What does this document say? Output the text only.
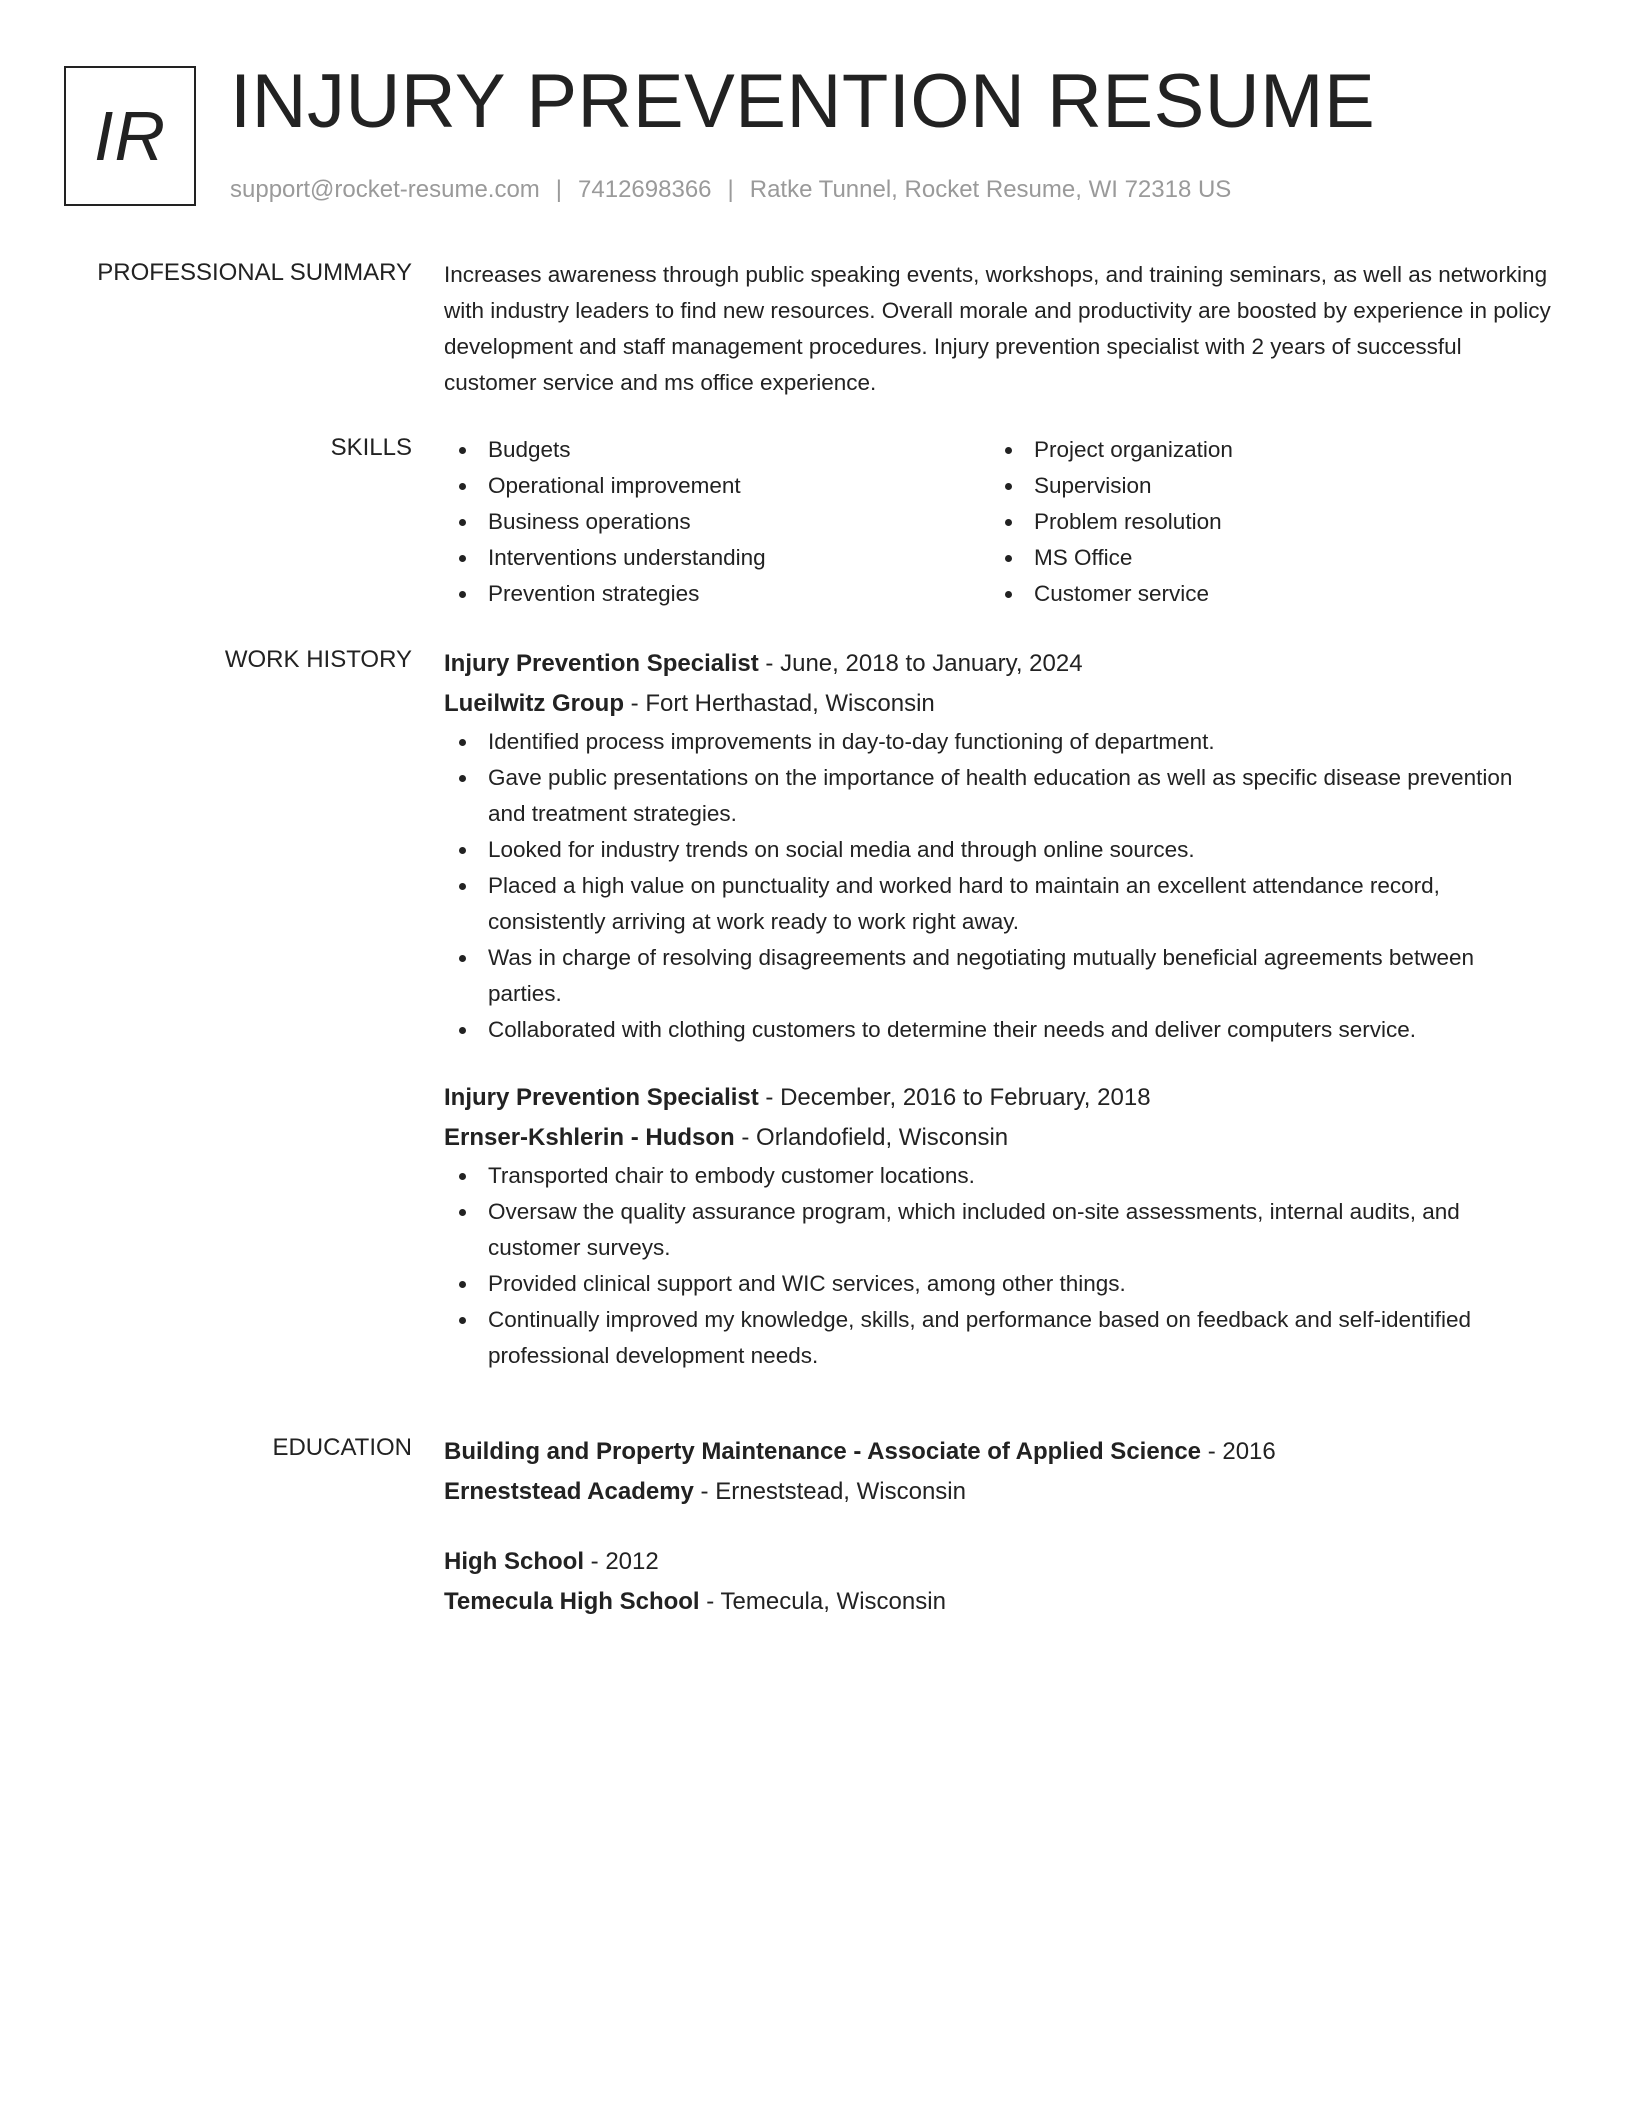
IR INJURY PREVENTION RESUME
support@rocket-resume.com | 7412698366 | Ratke Tunnel, Rocket Resume, WI 72318 US
PROFESSIONAL SUMMARY Increases awareness through public speaking events, workshops, and training seminars, as well as networking with industry leaders to find new resources. Overall morale and productivity are boosted by experience in policy development and staff management procedures. Injury prevention specialist with 2 years of successful customer service and ms office experience.

SKILLS	Budgets
Operational improvement
Business operations
Interventions understanding
Prevention strategies
Project organization
Supervision
Problem resolution
MS Office
Customer service
WORK HISTORY Injury Prevention Specialist - June, 2018 to January, 2024
Lueilwitz Group - Fort Herthastad, Wisconsin
Identified process improvements in day-to-day functioning of department.
Gave public presentations on the importance of health education as well as specific disease prevention and treatment strategies.
Looked for industry trends on social media and through online sources.
Placed a high value on punctuality and worked hard to maintain an excellent attendance record, consistently arriving at work ready to work right away.
Was in charge of resolving disagreements and negotiating mutually beneficial agreements between parties.
Collaborated with clothing customers to determine their needs and deliver computers service.
Injury Prevention Specialist - December, 2016 to February, 2018
Ernser-Kshlerin - Hudson - Orlandofield, Wisconsin
Transported chair to embody customer locations.
Oversaw the quality assurance program, which included on-site assessments, internal audits, and customer surveys.
Provided clinical support and WIC services, among other things.
Continually improved my knowledge, skills, and performance based on feedback and self-identified professional development needs.
EDUCATION Building and Property Maintenance - Associate of Applied Science - 2016
Erneststead Academy - Erneststead, Wisconsin
High School - 2012
Temecula High School - Temecula, Wisconsin
